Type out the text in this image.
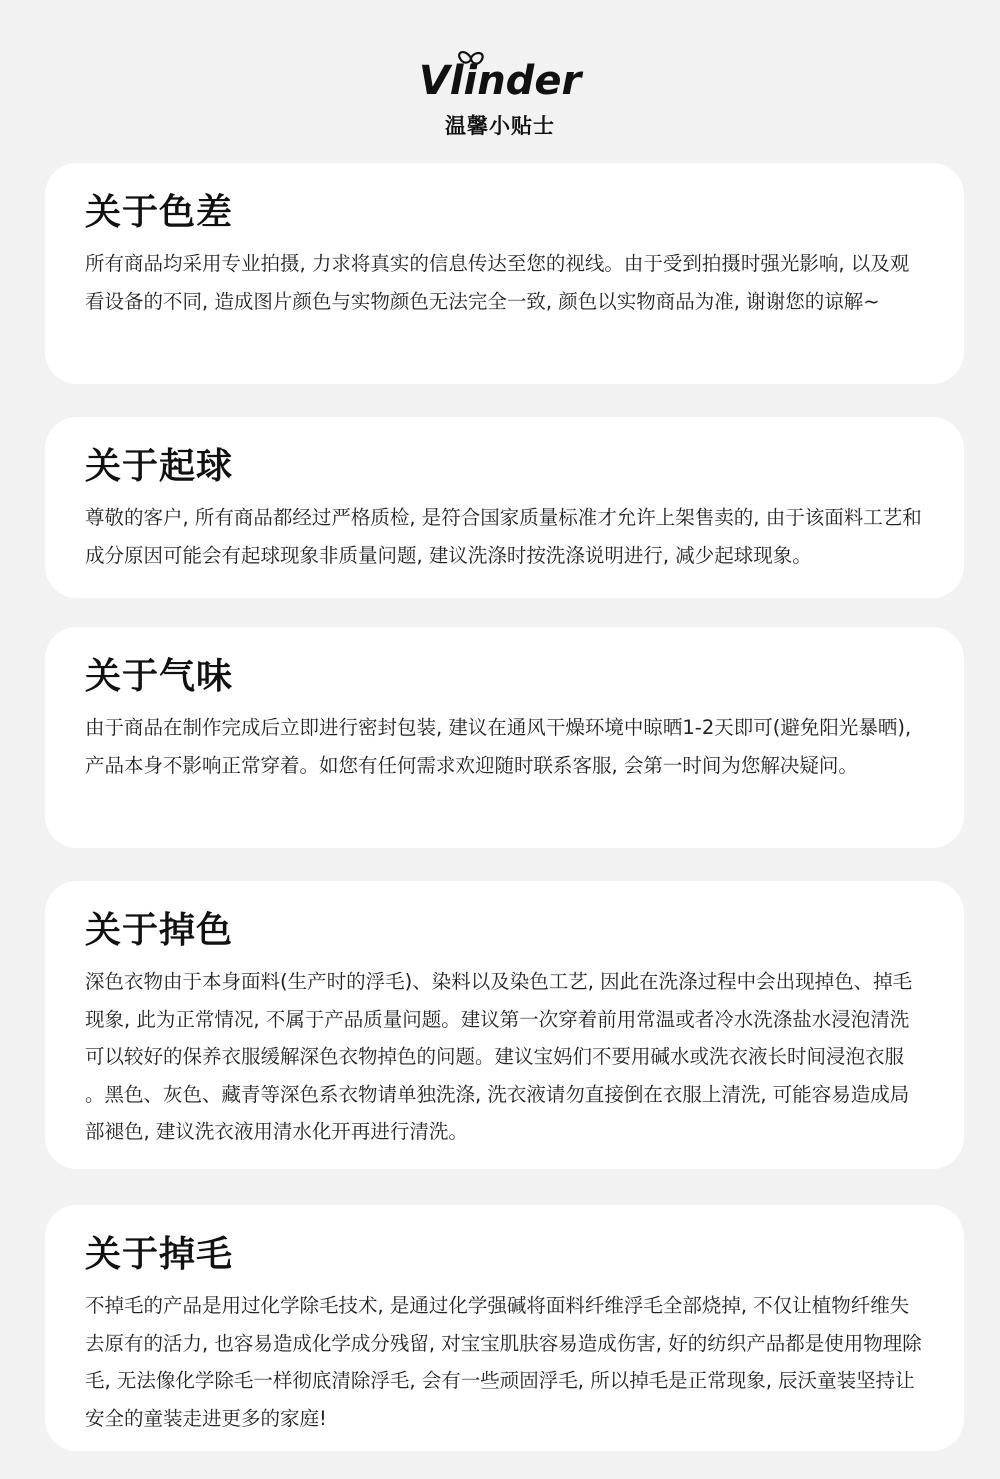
Vlinder
温馨小贴士
关于色差

所有商品均采用专业拍摄, 力求将真实的信息传达至您的视线。由于受到拍摄时强光影响, 以及观看设备的不同, 造成图片颜色与实物颜色无法完全一致, 颜色以实物商品为准, 谢谢您的谅解~

关于起球

尊敬的客户, 所有商品都经过严格质检, 是符合国家质量标准才允许上架售卖的, 由于该面料工艺和成分原因可能会有起球现象非质量问题, 建议洗涤时按洗涤说明进行, 减少起球现象。

关于气味

由于商品在制作完成后立即进行密封包装, 建议在通风干燥环境中晾晒1-2天即可(避免阳光暴晒), 产品本身不影响正常穿着。如您有任何需求欢迎随时联系客服, 会第一时间为您解决疑问。

关于掉色

深色衣物由于本身面料(生产时的浮毛)、染料以及染色工艺, 因此在洗涤过程中会出现掉色、掉毛现象, 此为正常情况, 不属于产品质量问题。建议第一次穿着前用常温或者冷水洗涤盐水浸泡清洗可以较好的保养衣服缓解深色衣物掉色的问题。建议宝妈们不要用碱水或洗衣液长时间浸泡衣服 。黑色、灰色、藏青等深色系衣物请单独洗涤, 洗衣液请勿直接倒在衣服上清洗, 可能容易造成局部褪色, 建议洗衣液用清水化开再进行清洗。

关于掉毛

不掉毛的产品是用过化学除毛技术, 是通过化学强碱将面料纤维浮毛全部烧掉, 不仅让植物纤维失去原有的活力, 也容易造成化学成分残留, 对宝宝肌肤容易造成伤害, 好的纺织产品都是使用物理除毛, 无法像化学除毛一样彻底清除浮毛, 会有一些顽固浮毛, 所以掉毛是正常现象, 辰沃童装坚持让安全的童装走进更多的家庭!
